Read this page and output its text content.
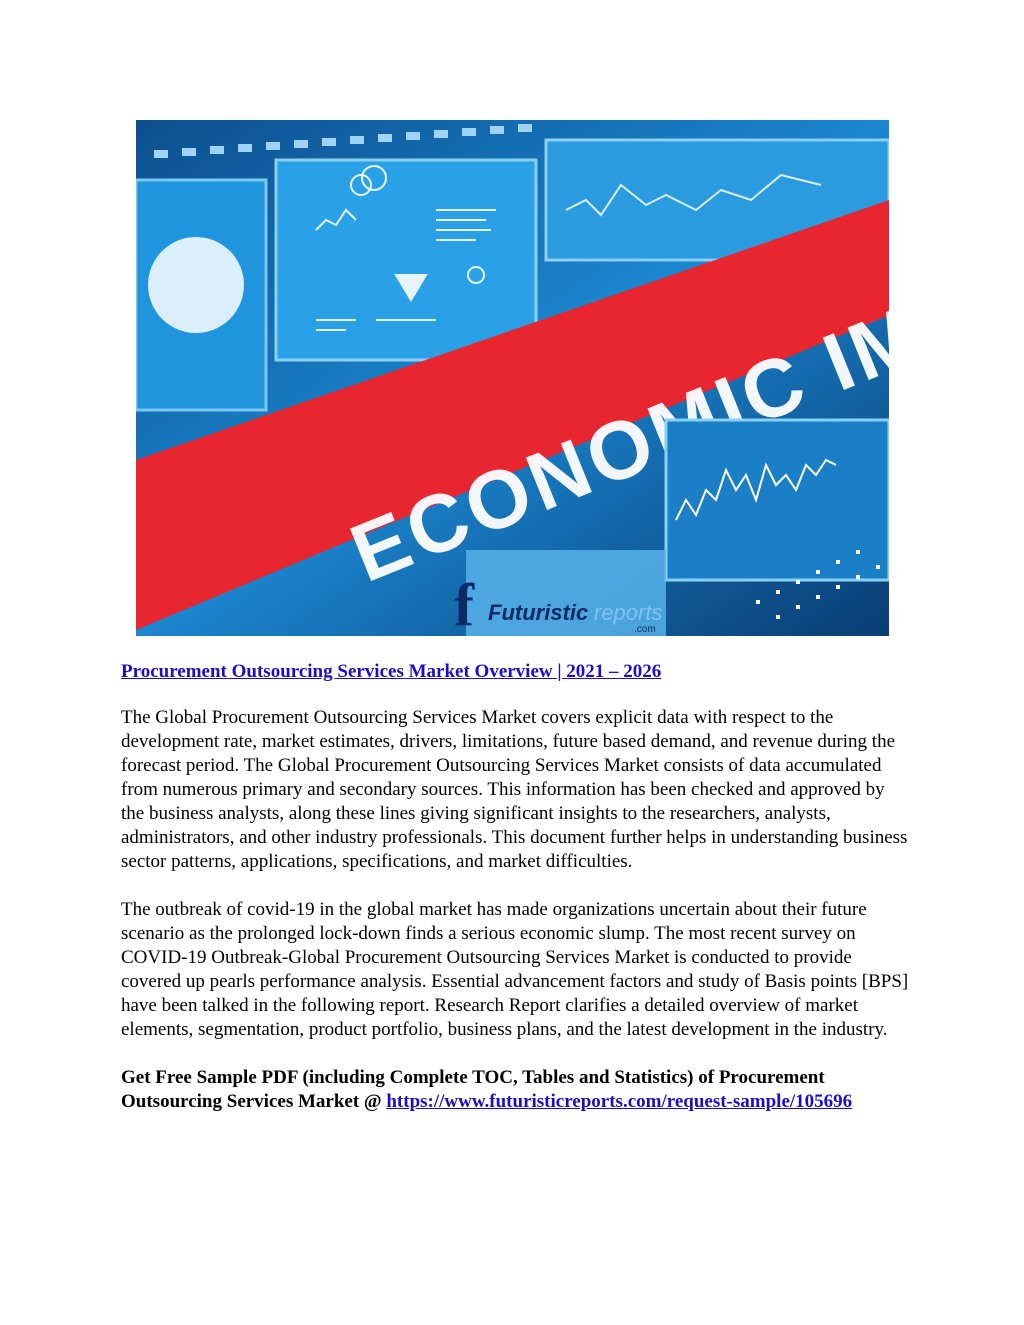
f Futuristic reports
.com
Procurement Outsourcing Services Market Overview | 2021 – 2026

The Global Procurement Outsourcing Services Market covers explicit data with respect to the development rate, market estimates, drivers, limitations, future based demand, and revenue during the forecast period. The Global Procurement Outsourcing Services Market consists of data accumulated from numerous primary and secondary sources. This information has been checked and approved by the business analysts, along these lines giving significant insights to the researchers, analysts, administrators, and other industry professionals. This document further helps in understanding business sector patterns, applications, specifications, and market difficulties.

The outbreak of covid-19 in the global market has made organizations uncertain about their future scenario as the prolonged lock-down finds a serious economic slump. The most recent survey on COVID-19 Outbreak-Global Procurement Outsourcing Services Market is conducted to provide covered up pearls performance analysis. Essential advancement factors and study of Basis points [BPS] have been talked in the following report. Research Report clarifies a detailed overview of market elements, segmentation, product portfolio, business plans, and the latest development in the industry.

Get Free Sample PDF (including Complete TOC, Tables and Statistics) of Procurement Outsourcing Services Market @ https://www.futuristicreports.com/request-sample/105696
